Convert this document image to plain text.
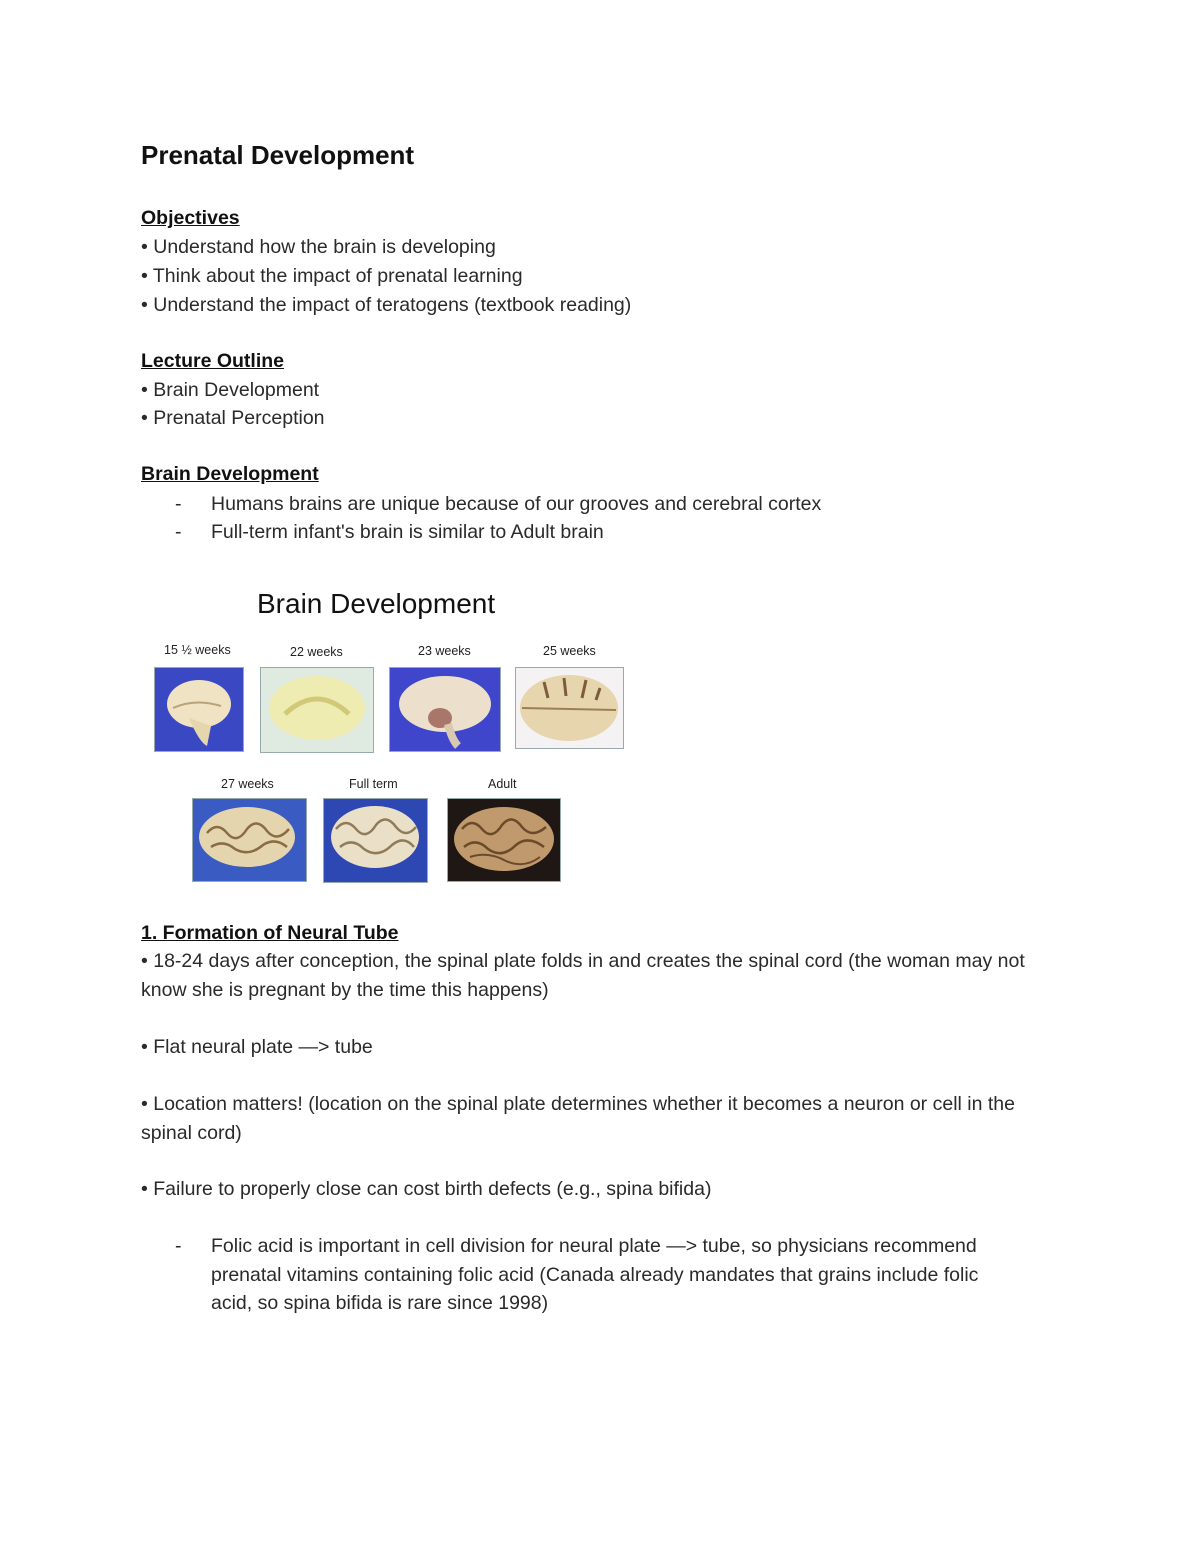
Prenatal Development
Objectives
• Understand how the brain is developing
• Think about the impact of prenatal learning
• Understand the impact of teratogens (textbook reading)
Lecture Outline
• Brain Development
• Prenatal Perception
Brain Development
- Humans brains are unique because of our grooves and cerebral cortex
- Full-term infant's brain is similar to Adult brain
1. Formation of Neural Tube
• 18-24 days after conception, the spinal plate folds in and creates the spinal cord (the woman may not know she is pregnant by the time this happens)
• Flat neural plate —> tube
• Location matters! (location on the spinal plate determines whether it becomes a neuron or cell in the spinal cord)
• Failure to properly close can cost birth defects (e.g., spina bifida)
- Folic acid is important in cell division for neural plate —> tube, so physicians recommend prenatal vitamins containing folic acid (Canada already mandates that grains include folic acid, so spina bifida is rare since 1998)
Brain Development
15 ½ weeks	22 weeks	23 weeks	25 weeks
27 weeks	Full term	Adult
